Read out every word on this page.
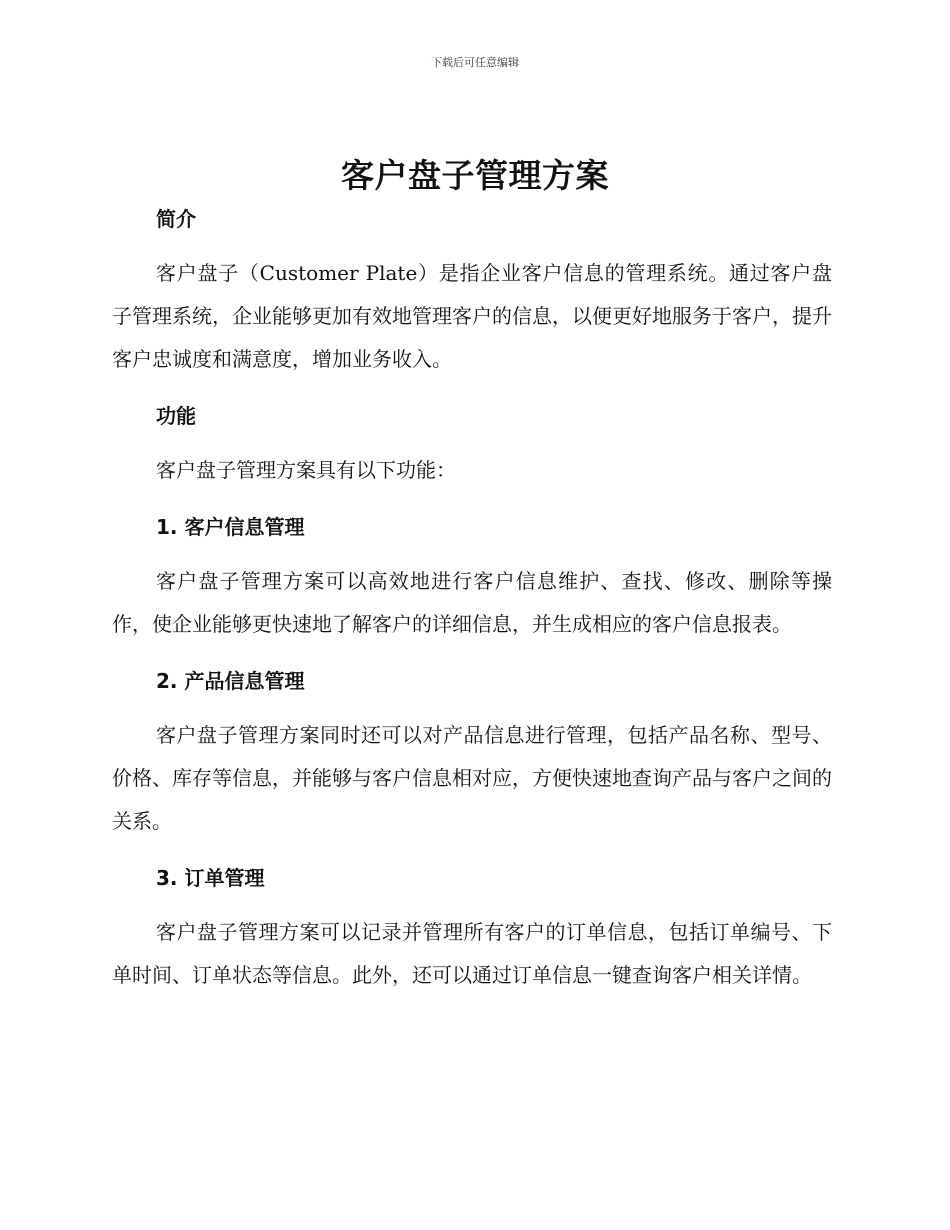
下载后可任意编辑
客户盘子管理方案
简介

客户盘子（Customer Plate）是指企业客户信息的管理系统。通过客户盘子管理系统，企业能够更加有效地管理客户的信息，以便更好地服务于客户，提升客户忠诚度和满意度，增加业务收入。

功能

客户盘子管理方案具有以下功能：

1. 客户信息管理

客户盘子管理方案可以高效地进行客户信息维护、查找、修改、删除等操作，使企业能够更快速地了解客户的详细信息，并生成相应的客户信息报表。

2. 产品信息管理

客户盘子管理方案同时还可以对产品信息进行管理，包括产品名称、型号、价格、库存等信息，并能够与客户信息相对应，方便快速地查询产品与客户之间的关系。

3. 订单管理

客户盘子管理方案可以记录并管理所有客户的订单信息，包括订单编号、下单时间、订单状态等信息。此外，还可以通过订单信息一键查询客户相关详情。
